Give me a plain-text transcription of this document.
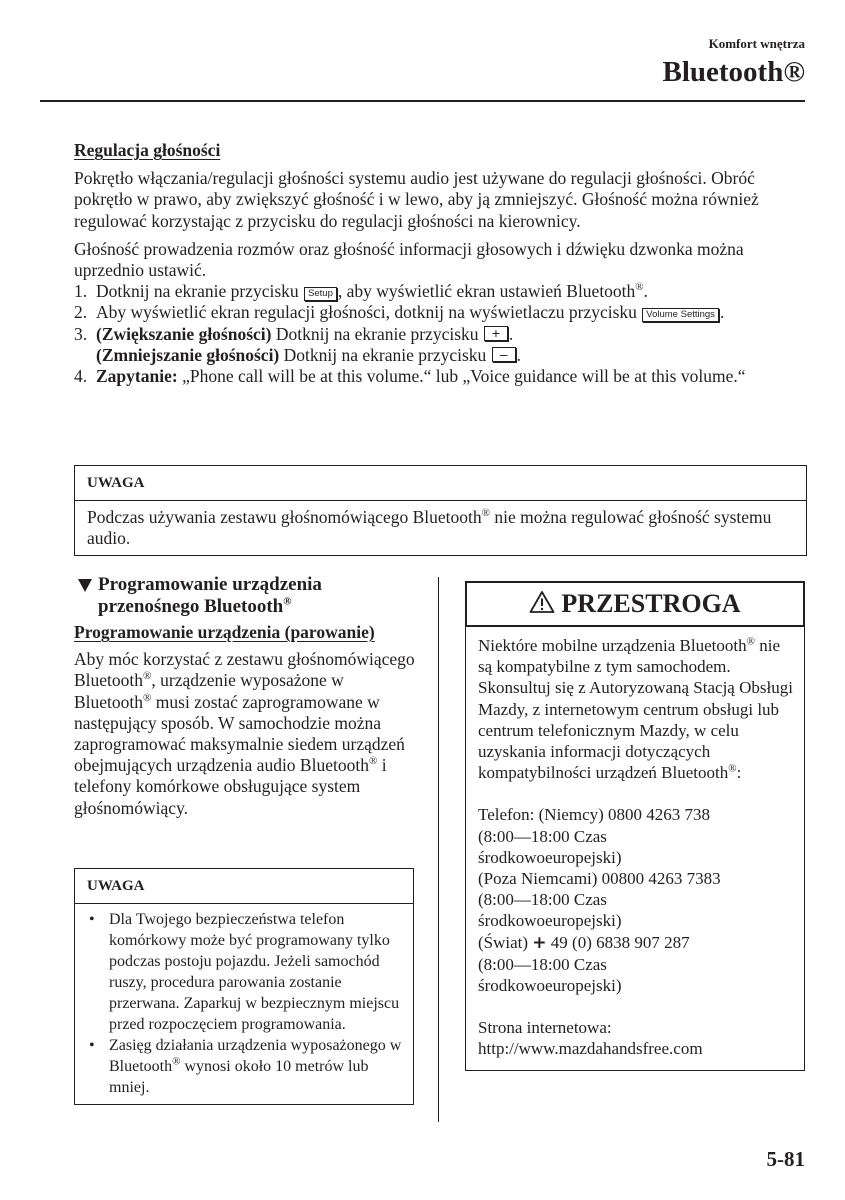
Komfort wnętrza
Bluetooth®
Regulacja głośności
Pokrętło włączania/regulacji głośności systemu audio jest używane do regulacji głośności. Obróć pokrętło w prawo, aby zwiększyć głośność i w lewo, aby ją zmniejszyć. Głośność można również regulować korzystając z przycisku do regulacji głośności na kierownicy.
Głośność prowadzenia rozmów oraz głośność informacji głosowych i dźwięku dzwonka można uprzednio ustawić.
1. Dotknij na ekranie przycisku Setup , aby wyświetlić ekran ustawień Bluetooth®.
2. Aby wyświetlić ekran regulacji głośności, dotknij na wyświetlaczu przycisku Volume Settings .
3. (Zwiększanie głośności) Dotknij na ekranie przycisku + .
(Zmniejszanie głośności) Dotknij na ekranie przycisku – .
4. Zapytanie: „Phone call will be at this volume.“ lub „Voice guidance will be at this volume.“
UWAGA
Podczas używania zestawu głośnomówiącego Bluetooth® nie można regulować głośność systemu audio.
Programowanie urządzenia przenośnego Bluetooth®
Programowanie urządzenia (parowanie)
Aby móc korzystać z zestawu głośnomówiącego Bluetooth®, urządzenie wyposażone w Bluetooth® musi zostać zaprogramowane w następujący sposób. W samochodzie można zaprogramować maksymalnie siedem urządzeń obejmujących urządzenia audio Bluetooth® i telefony komórkowe obsługujące system głośnomówiący.
UWAGA
• Dla Twojego bezpieczeństwa telefon komórkowy może być programowany tylko podczas postoju pojazdu. Jeżeli samochód ruszy, procedura parowania zostanie przerwana. Zaparkuj w bezpiecznym miejscu przed rozpoczęciem programowania.
• Zasięg działania urządzenia wyposażonego w Bluetooth® wynosi około 10 metrów lub mniej.
PRZESTROGA
Niektóre mobilne urządzenia Bluetooth® nie są kompatybilne z tym samochodem. Skonsultuj się z Autoryzowaną Stacją Obsługi Mazdy, z internetowym centrum obsługi lub centrum telefonicznym Mazdy, w celu uzyskania informacji dotyczących kompatybilności urządzeń Bluetooth®:
Telefon: (Niemcy) 0800 4263 738
(8:00—18:00 Czas środkowoeuropejski)
(Poza Niemcami) 00800 4263 7383
(8:00—18:00 Czas środkowoeuropejski)
(Świat) + 49 (0) 6838 907 287
(8:00—18:00 Czas środkowoeuropejski)
Strona internetowa:
http://www.mazdahandsfree.com
5-81
